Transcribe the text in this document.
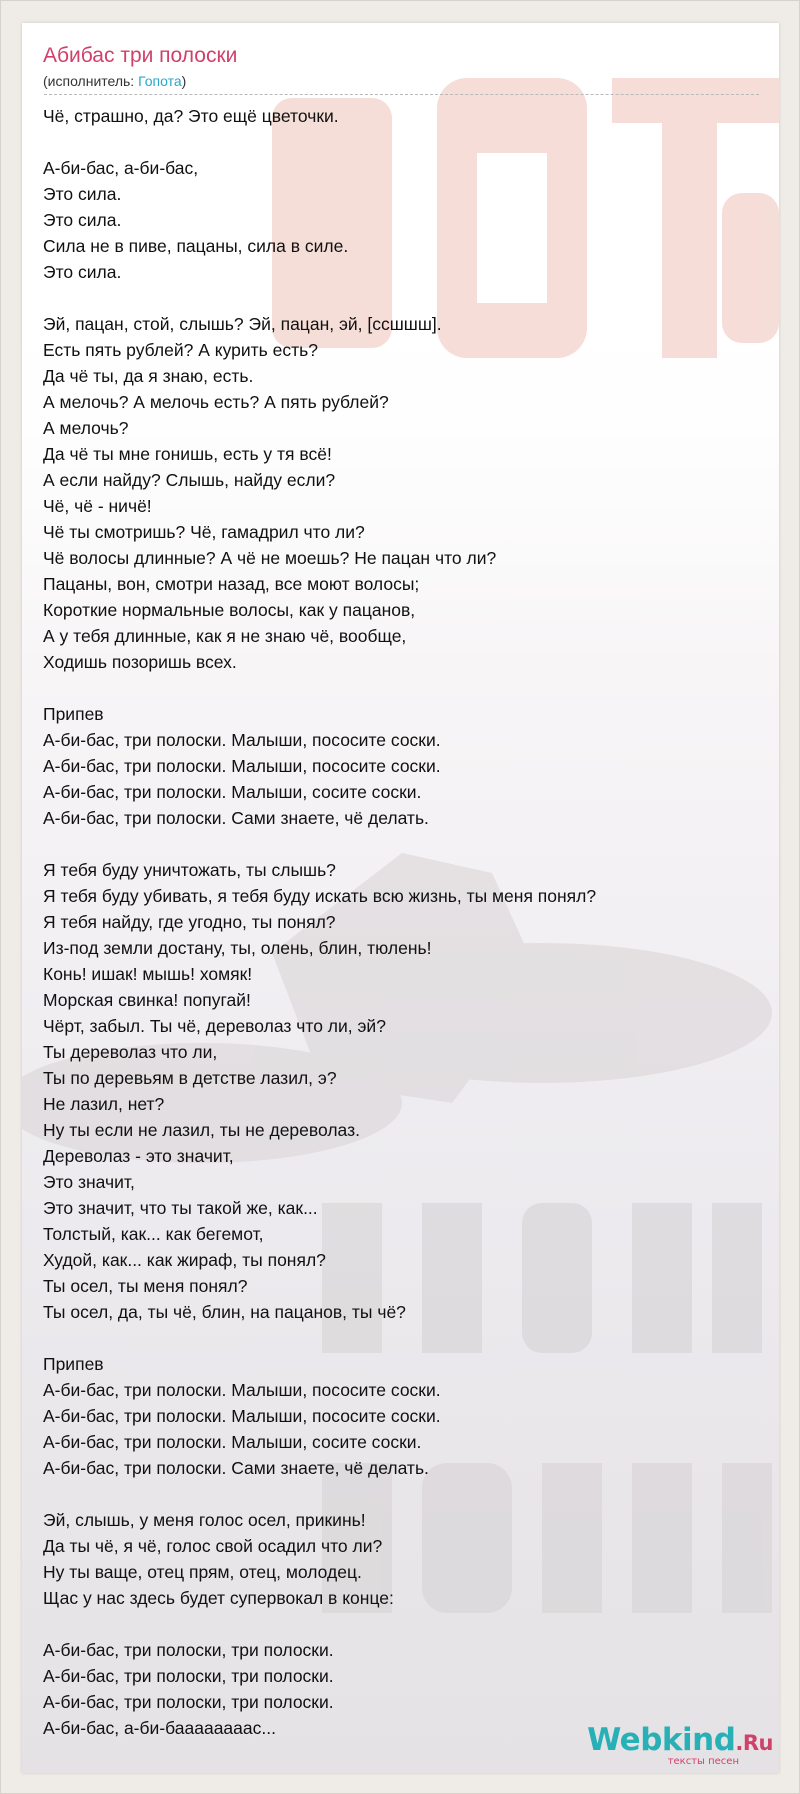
Абибас три полоски
(исполнитель: Гопота)
Чё, страшно, да? Это ещё цветочки.

А-би-бас, а-би-бас,
Это сила.
Это сила.
Сила не в пиве, пацаны, сила в силе.
Это сила.

Эй, пацан, стой, слышь? Эй, пацан, эй, [ссшшш].
Есть пять рублей? А курить есть?
Да чё ты, да я знаю, есть.
А мелочь? А мелочь есть? А пять рублей?
А мелочь?
Да чё ты мне гонишь, есть у тя всё!
А если найду? Слышь, найду если?
Чё, чё - ничё!
Чё ты смотришь? Чё, гамадрил что ли?
Чё волосы длинные? А чё не моешь? Не пацан что ли?
Пацаны, вон, смотри назад, все моют волосы;
Короткие нормальные волосы, как у пацанов,
А у тебя длинные, как я не знаю чё, вообще,
Ходишь позоришь всех.

Припев
А-би-бас, три полоски. Малыши, пососите соски.
А-би-бас, три полоски. Малыши, пососите соски.
А-би-бас, три полоски. Малыши, сосите соски.
А-би-бас, три полоски. Сами знаете, чё делать.

Я тебя буду уничтожать, ты слышь?
Я тебя буду убивать, я тебя буду искать всю жизнь, ты меня понял?
Я тебя найду, где угодно, ты понял?
Из-под земли достану, ты, олень, блин, тюлень!
Конь! ишак! мышь! хомяк!
Морская свинка! попугай!
Чёрт, забыл. Ты чё, дереволаз что ли, эй?
Ты дереволаз что ли,
Ты по деревьям в детстве лазил, э?
Не лазил, нет?
Ну ты если не лазил, ты не дереволаз.
Дереволаз - это значит,
Это значит,
Это значит, что ты такой же, как...
Толстый, как... как бегемот,
Худой, как... как жираф, ты понял?
Ты осел, ты меня понял?
Ты осел, да, ты чё, блин, на пацанов, ты чё?

Припев
А-би-бас, три полоски. Малыши, пососите соски.
А-би-бас, три полоски. Малыши, пососите соски.
А-би-бас, три полоски. Малыши, сосите соски.
А-би-бас, три полоски. Сами знаете, чё делать.

Эй, слышь, у меня голос осел, прикинь!
Да ты чё, я чё, голос свой осадил что ли?
Ну ты ваще, отец прям, отец, молодец.
Щас у нас здесь будет супервокал в конце:

А-би-бас, три полоски, три полоски.
А-би-бас, три полоски, три полоски.
А-би-бас, три полоски, три полоски.
А-би-бас, а-би-баааааааас...	Webkind.Ru
тексты песен
